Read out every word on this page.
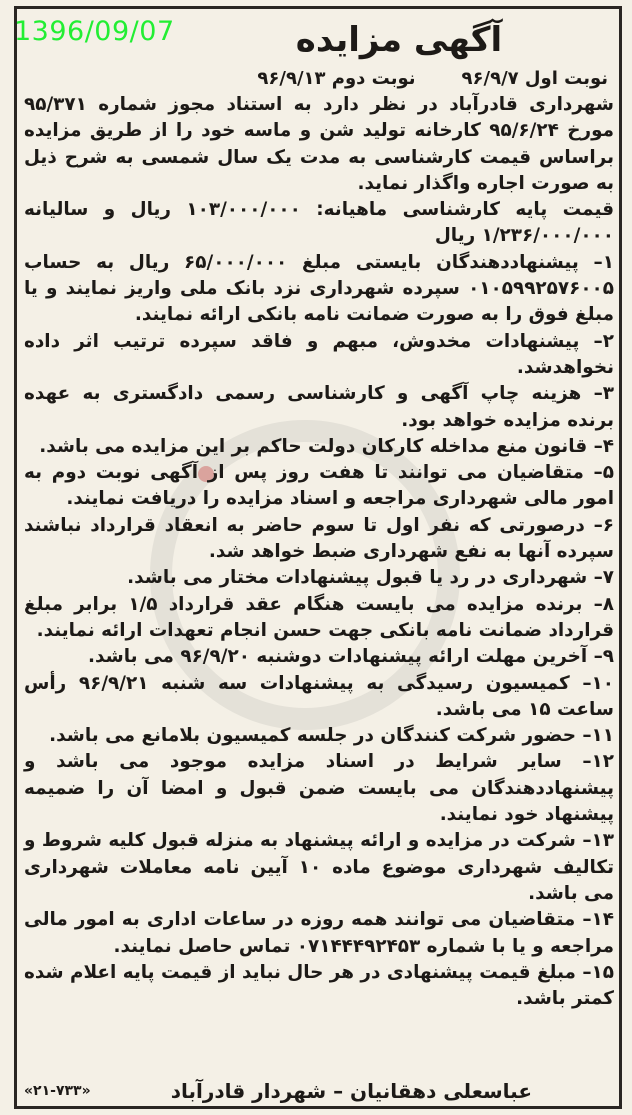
1396/09/07	آگهی مزایده
نوبت اول ۹۶/۹/۷
نوبت دوم ۹۶/۹/۱۳

شهرداری قادرآباد در نظر دارد به استناد مجوز شماره ۹۵/۳۷۱ مورخ ۹۵/۶/۲۴ کارخانه تولید شن و ماسه خود را از طریق مزایده براساس قیمت کارشناسی به مدت یک سال شمسی به شرح ذیل به صورت اجاره واگذار نماید.

قیمت پایه کارشناسی ماهیانه: ۱۰۳/۰۰۰/۰۰۰ ریال و سالیانه ۱/۲۳۶/۰۰۰/۰۰۰ ریال

۱– پیشنهاددهندگان بایستی مبلغ ۶۵/۰۰۰/۰۰۰ ریال به حساب ۰۱۰۵۹۹۲۵۷۶۰۰۵ سپرده شهرداری نزد بانک ملی واریز نمایند و یا مبلغ فوق را به صورت ضمانت نامه بانکی ارائه نمایند.

۲– پیشنهادات مخدوش، مبهم و فاقد سپرده ترتیب اثر داده نخواهدشد.

۳– هزینه چاپ آگهی و کارشناسی رسمی دادگستری به عهده برنده مزایده خواهد بود.

۴– قانون منع مداخله کارکان دولت حاکم بر این مزایده می باشد.

۵– متقاضیان می توانند تا هفت روز پس از آگهی نوبت دوم به امور مالی شهرداری مراجعه و اسناد مزایده را دریافت نمایند.

۶– درصورتی که نفر اول تا سوم حاضر به انعقاد قرارداد نباشند سپرده آنها به نفع شهرداری ضبط خواهد شد.

۷– شهرداری در رد یا قبول پیشنهادات مختار می باشد.

۸– برنده مزایده می بایست هنگام عقد قرارداد ۱/۵ برابر مبلغ قرارداد ضمانت نامه بانکی جهت حسن انجام تعهدات ارائه نمایند.

۹– آخرین مهلت ارائه پیشنهادات دوشنبه ۹۶/۹/۲۰ می باشد.

۱۰– کمیسیون رسیدگی به پیشنهادات سه شنبه ۹۶/۹/۲۱ رأس ساعت ۱۵ می باشد.

۱۱– حضور شرکت کنندگان در جلسه کمیسیون بلامانع می باشد.

۱۲– سایر شرایط در اسناد مزایده موجود می باشد و پیشنهاددهندگان می بایست ضمن قبول و امضا آن را ضمیمه پیشنهاد خود نمایند.

۱۳– شرکت در مزایده و ارائه پیشنهاد به منزله قبول کلیه شروط و تکالیف شهرداری موضوع ماده ۱۰ آیین نامه معاملات شهرداری می باشد.

۱۴– متقاضیان می توانند همه روزه در ساعات اداری به امور مالی مراجعه و یا با شماره ۰۷۱۴۴۴۹۲۴۵۳ تماس حاصل نمایند.

۱۵– مبلغ قیمت پیشنهادی در هر حال نباید از قیمت پایه اعلام شده کمتر باشد.

عباسعلی دهقانیان – شهردار قادرآباد
«۲۱-۷۳۳»
